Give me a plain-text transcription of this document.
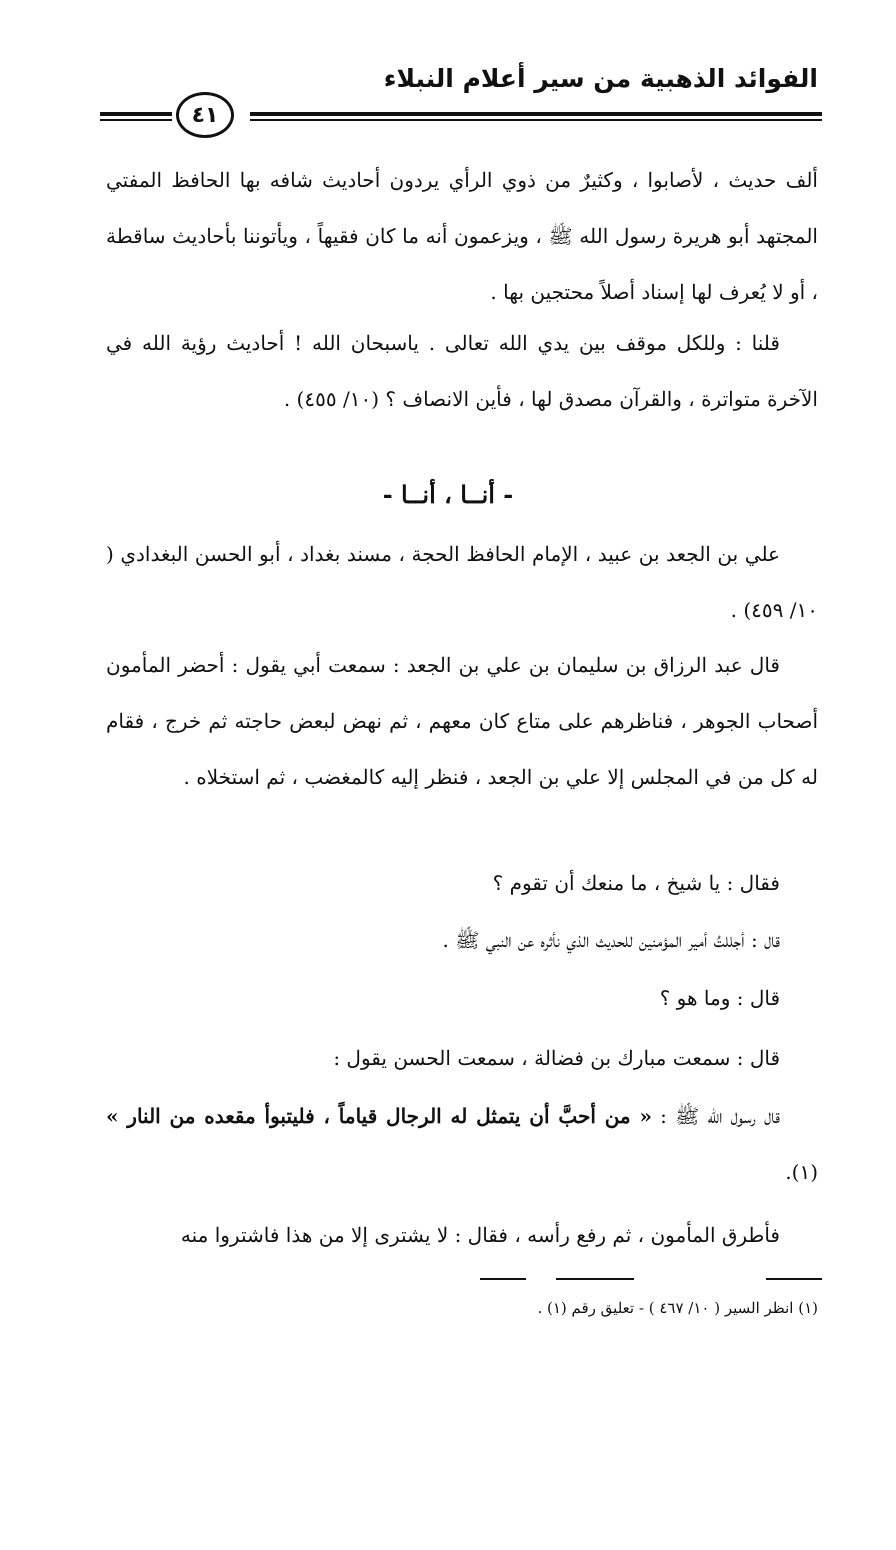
الفوائد الذهبية من سير أعلام النبلاء
٤١

ألف حديث ، لأصابوا ، وكثيرٌ من ذوي الرأي يردون أحاديث شافه بها الحافظ المفتي المجتهد أبو هريرة رسول الله ﷺ ، ويزعمون أنه ما كان فقيهاً ، ويأتوننا بأحاديث ساقطة ، أو لا يُعرف لها إسناد أصلاً محتجين بها .

قلنا : وللكل موقف بين يدي الله تعالى . ياسبحان الله ! أحاديث رؤية الله في الآخرة متواترة ، والقرآن مصدق لها ، فأين الانصاف ؟ (١٠/ ٤٥٥) .

- أنــا ، أنــا -

علي بن الجعد بن عبيد ، الإمام الحافظ الحجة ، مسند بغداد ، أبو الحسن البغدادي ( ١٠/ ٤٥٩) .

قال عبد الرزاق بن سليمان بن علي بن الجعد : سمعت أبي يقول : أحضر المأمون أصحاب الجوهر ، فناظرهم على متاع كان معهم ، ثم نهض لبعض حاجته ثم خرج ، فقام له كل من في المجلس إلا علي بن الجعد ، فنظر إليه كالمغضب ، ثم استخلاه .

فقال : يا شيخ ، ما منعك أن تقوم ؟

قال : أجللتُ أمير المؤمنين للحديث الذي نأثره عن النبي ﷺ .

قال : وما هو ؟

قال : سمعت مبارك بن فضالة ، سمعت الحسن يقول :

قال رسول الله ﷺ : « من أحبَّ أن يتمثل له الرجال قياماً ، فليتبوأ مقعده من النار » (١).

فأطرق المأمون ، ثم رفع رأسه ، فقال : لا يشترى إلا من هذا فاشتروا منه

(١) انظر السير ( ١٠/ ٤٦٧ ) - تعليق رقم (١) .
